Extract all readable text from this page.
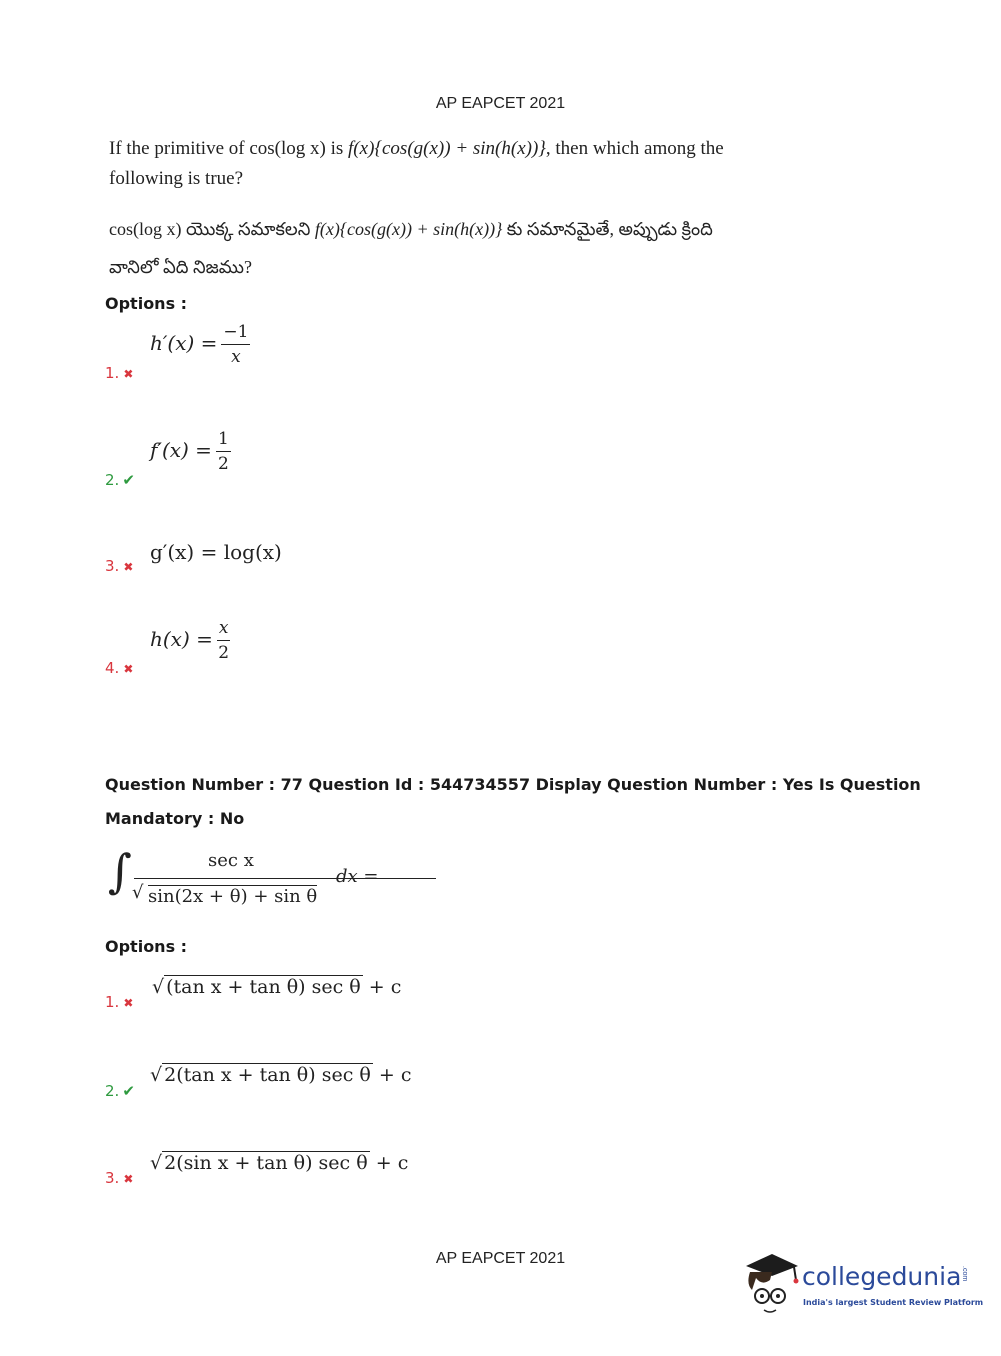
AP EAPCET 2021
If the primitive of cos(log x) is f(x){cos(g(x)) + sin(h(x))}, then which among the
following is true?
cos(log x) యొక్క సమాకలని f(x){cos(g(x)) + sin(h(x))} కు సమానమైతే, అప్పుడు క్రింది
వానిలో ఏది నిజము?
Options :
1. ✖
$h'(x) = \frac{-1}{x}$
2. ✔
$f'(x) = \frac{1}{2}$
3. ✖
g′(x) = log(x)
4. ✖
$h(x) = \frac{x}{2}$
Question Number : 77 Question Id : 544734557 Display Question Number : Yes Is Question
Mandatory : No
∫	sec x
√ sin(2x + θ) + sin θ
dx =
Options :
1. ✖
√ (tan x + tan θ) sec θ + c
2. ✔
√ 2(tan x + tan θ) sec θ + c
3. ✖
√ 2(sin x + tan θ) sec θ + c
AP EAPCET 2021
collegedunia .com
India's largest Student Review Platform
